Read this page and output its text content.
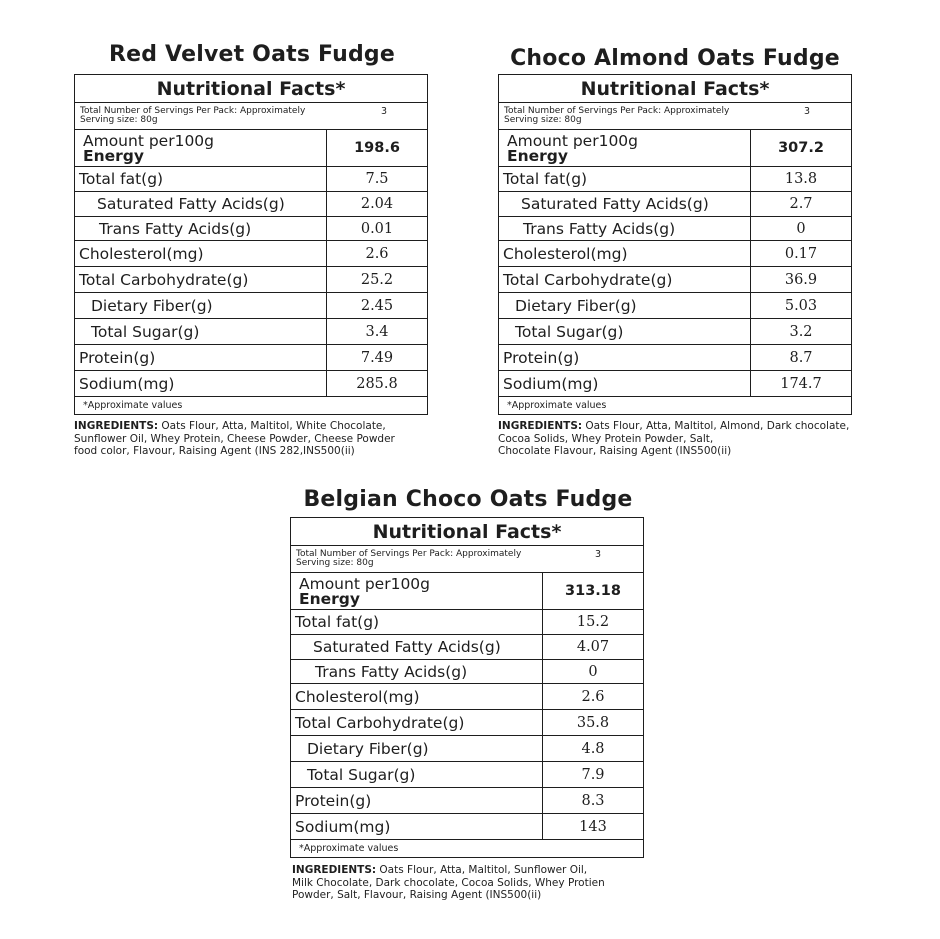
Red Velvet Oats Fudge
Nutritional Facts*
Total Number of Servings Per Pack: Approximately	3

Serving size: 80g
Amount per100g
Energy	198.6
Total fat(g)	7.5
Saturated Fatty Acids(g)	2.04
Trans Fatty Acids(g)	0.01
Cholesterol(mg)	2.6
Total Carbohydrate(g)	25.2
Dietary Fiber(g)	2.45
Total Sugar(g)	3.4
Protein(g)	7.49
Sodium(mg)	285.8
*Approximate values
INGREDIENTS: Oats Flour, Atta, Maltitol, White Chocolate,
Sunflower Oil, Whey Protein, Cheese Powder, Cheese Powder
food color, Flavour, Raising Agent (INS 282,INS500(ii)
Choco Almond Oats Fudge
Nutritional Facts*
Total Number of Servings Per Pack: Approximately	3

Serving size: 80g
Amount per100g
Energy	307.2
Total fat(g)	13.8
Saturated Fatty Acids(g)	2.7
Trans Fatty Acids(g)	0
Cholesterol(mg)	0.17
Total Carbohydrate(g)	36.9
Dietary Fiber(g)	5.03
Total Sugar(g)	3.2
Protein(g)	8.7
Sodium(mg)	174.7
*Approximate values
INGREDIENTS: Oats Flour, Atta, Maltitol, Almond, Dark chocolate,
Cocoa Solids, Whey Protein Powder, Salt,
Chocolate Flavour, Raising Agent (INS500(ii)
Belgian Choco Oats Fudge
Nutritional Facts*
Total Number of Servings Per Pack: Approximately	3

Serving size: 80g
Amount per100g
Energy	313.18
Total fat(g)	15.2
Saturated Fatty Acids(g)	4.07
Trans Fatty Acids(g)	0
Cholesterol(mg)	2.6
Total Carbohydrate(g)	35.8
Dietary Fiber(g)	4.8
Total Sugar(g)	7.9
Protein(g)	8.3
Sodium(mg)	143
*Approximate values
INGREDIENTS: Oats Flour, Atta, Maltitol, Sunflower Oil,
Milk Chocolate, Dark chocolate, Cocoa Solids, Whey Protien
Powder, Salt, Flavour, Raising Agent (INS500(ii)
